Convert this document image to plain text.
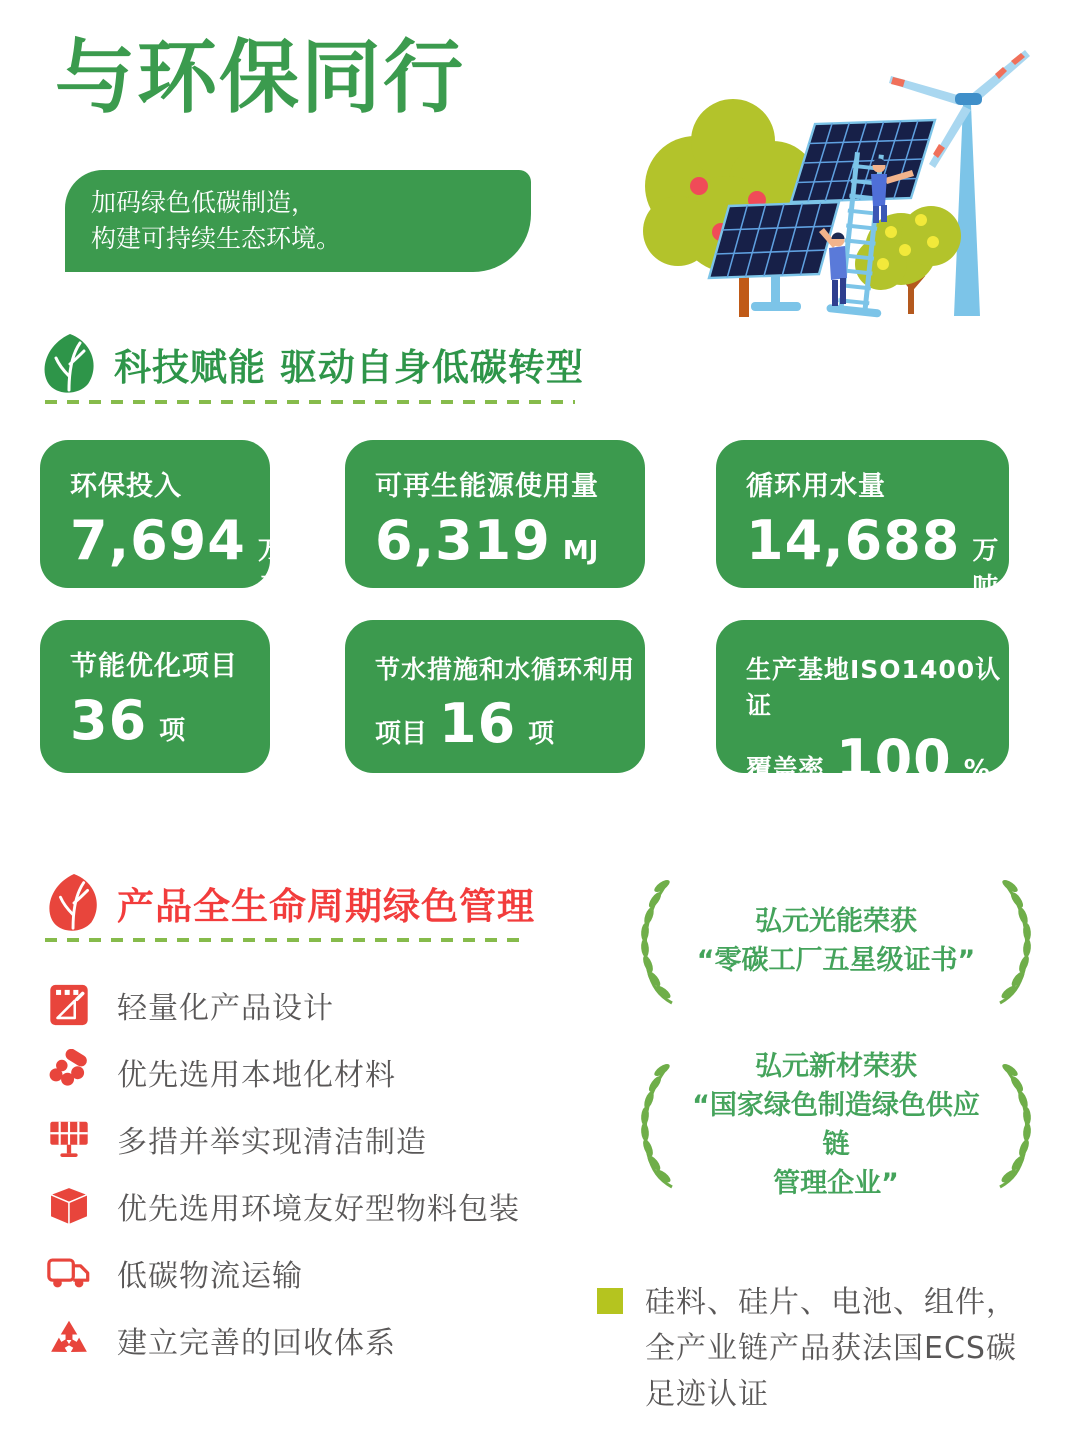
与环保同行
加码绿色低碳制造，
构建可持续生态环境。
科技赋能 驱动自身低碳转型
环保投入
7,694 万元
可再生能源使用量
6,319 MJ
循环用水量
14,688 万吨
节能优化项目
36 项
节水措施和水循环利用
项目 16 项
生产基地ISO1400认证
覆盖率 100 %
产品全生命周期绿色管理
轻量化产品设计
优先选用本地化材料
多措并举实现清洁制造
优先选用环境友好型物料包装
低碳物流运输
建立完善的回收体系
弘元光能荣获
“零碳工厂五星级证书”
弘元新材荣获
“国家绿色制造绿色供应链
管理企业”
硅料、硅片、电池、组件，全产业链产品获法国ECS碳足迹认证
